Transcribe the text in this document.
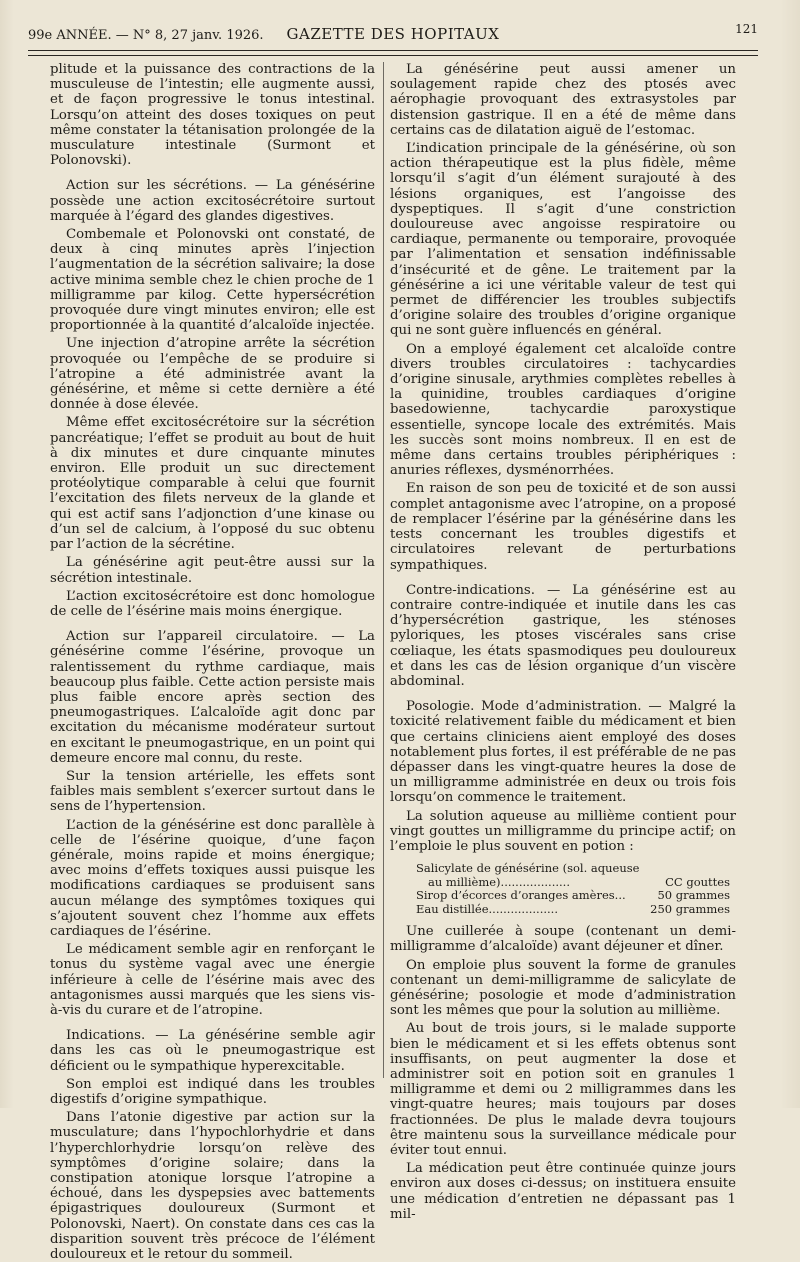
99e ANNÉE. — N° 8, 27 janv. 1926.	GAZETTE DES HOPITAUX	121

plitude et la puissance des contractions de la musculeuse de l’intestin; elle augmente aussi, et de façon progressive le tonus intestinal. Lorsqu’on atteint des doses toxiques on peut même constater la tétanisation prolongée de la musculature intestinale (Surmont et Polonovski).

Action sur les sécrétions. — La génésérine possède une action excitosécrétoire surtout marquée à l’égard des glandes digestives.

Combemale et Polonovski ont constaté, de deux à cinq minutes après l’injection l’augmentation de la sécrétion salivaire; la dose active minima semble chez le chien proche de 1 milligramme par kilog. Cette hypersécrétion provoquée dure vingt minutes environ; elle est proportionnée à la quantité d’alcaloïde injectée.

Une injection d’atropine arrête la sécrétion provoquée ou l’empêche de se produire si l’atropine a été administrée avant la génésérine, et même si cette dernière a été donnée à dose élevée.

Même effet excitosécrétoire sur la sécrétion pancréatique; l’effet se produit au bout de huit à dix minutes et dure cinquante minutes environ. Elle produit un suc directement protéolytique comparable à celui que fournit l’excitation des filets nerveux de la glande et qui est actif sans l’adjonction d’une kinase ou d’un sel de calcium, à l’opposé du suc obtenu par l’action de la sécrétine.

La génésérine agit peut-être aussi sur la sécrétion intestinale.

L’action excitosécrétoire est donc homologue de celle de l’ésérine mais moins énergique.

Action sur l’appareil circulatoire. — La génésérine comme l’ésérine, provoque un ralentissement du rythme cardiaque, mais beaucoup plus faible. Cette action persiste mais plus faible encore après section des pneumogastriques. L’alcaloïde agit donc par excitation du mécanisme modérateur surtout en excitant le pneumogastrique, en un point qui demeure encore mal connu, du reste.

Sur la tension artérielle, les effets sont faibles mais semblent s’exercer surtout dans le sens de l’hypertension.

L’action de la génésérine est donc parallèle à celle de l’ésérine quoique, d’une façon générale, moins rapide et moins énergique; avec moins d’effets toxiques aussi puisque les modifications cardiaques se produisent sans aucun mélange des symptômes toxiques qui s’ajoutent souvent chez l’homme aux effets cardiaques de l’ésérine.

Le médicament semble agir en renforçant le tonus du système vagal avec une énergie inférieure à celle de l’ésérine mais avec des antagonismes aussi marqués que les siens vis-à-vis du curare et de l’atropine.

Indications. — La génésérine semble agir dans les cas où le pneumogastrique est déficient ou le sympathique hyperexcitable.

Son emploi est indiqué dans les troubles digestifs d’origine sympathique.

Dans l’atonie digestive par action sur la musculature; dans l’hypochlorhydrie et dans l’hyperchlorhydrie lorsqu’on relève des symptômes d’origine solaire; dans la constipation atonique lorsque l’atropine a échoué, dans les dyspepsies avec battements épigastriques douloureux (Surmont et Polonovski, Naert). On constate dans ces cas la disparition souvent très précoce de l’élément douloureux et le retour du sommeil.

La génésérine peut aussi amener un soulagement rapide chez des ptosés avec aérophagie provoquant des extrasystoles par distension gastrique. Il en a été de même dans certains cas de dilatation aiguë de l’estomac.

L’indication principale de la génésérine, où son action thérapeutique est la plus fidèle, même lorsqu’il s’agit d’un élément surajouté à des lésions organiques, est l’angoisse des dyspeptiques. Il s’agit d’une constriction douloureuse avec angoisse respiratoire ou cardiaque, permanente ou temporaire, provoquée par l’alimentation et sensation indéfinissable d’insécurité et de gêne. Le traitement par la génésérine a ici une véritable valeur de test qui permet de différencier les troubles subjectifs d’origine solaire des troubles d’origine organique qui ne sont guère influencés en général.

On a employé également cet alcaloïde contre divers troubles circulatoires : tachycardies d’origine sinusale, arythmies complètes rebelles à la quinidine, troubles cardiaques d’origine basedowienne, tachycardie paroxystique essentielle, syncope locale des extrémités. Mais les succès sont moins nombreux. Il en est de même dans certains troubles périphériques : anuries réflexes, dysménorrhées.

En raison de son peu de toxicité et de son aussi complet antagonisme avec l’atropine, on a proposé de remplacer l’ésérine par la génésérine dans les tests concernant les troubles digestifs et circulatoires relevant de perturbations sympathiques.

Contre-indications. — La génésérine est au contraire contre-indiquée et inutile dans les cas d’hypersécrétion gastrique, les sténoses pyloriques, les ptoses viscérales sans crise cœliaque, les états spasmodiques peu douloureux et dans les cas de lésion organique d’un viscère abdominal.

Posologie. Mode d’administration. — Malgré la toxicité relativement faible du médicament et bien que certains cliniciens aient employé des doses notablement plus fortes, il est préférable de ne pas dépasser dans les vingt-quatre heures la dose de un milligramme administrée en deux ou trois fois lorsqu’on commence le traitement.

La solution aqueuse au millième contient pour vingt gouttes un milligramme du principe actif; on l’emploie le plus souvent en potion :

Salicylate de génésérine (sol. aqueuse
au millième)...................	CC gouttes
Sirop d’écorces d’oranges amères...	50 grammes
Eau distillée...................	250 grammes

Une cuillerée à soupe (contenant un demi-milligramme d’alcaloïde) avant déjeuner et dîner.

On emploie plus souvent la forme de granules contenant un demi-milligramme de salicylate de génésérine; posologie et mode d’administration sont les mêmes que pour la solution au millième.

Au bout de trois jours, si le malade supporte bien le médicament et si les effets obtenus sont insuffisants, on peut augmenter la dose et administrer soit en potion soit en granules 1 milligramme et demi ou 2 milligrammes dans les vingt-quatre heures; mais toujours par doses fractionnées. De plus le malade devra toujours être maintenu sous la surveillance médicale pour éviter tout ennui.

La médication peut être continuée quinze jours environ aux doses ci-dessus; on instituera ensuite une médication d’entretien ne dépassant pas 1 mil-
